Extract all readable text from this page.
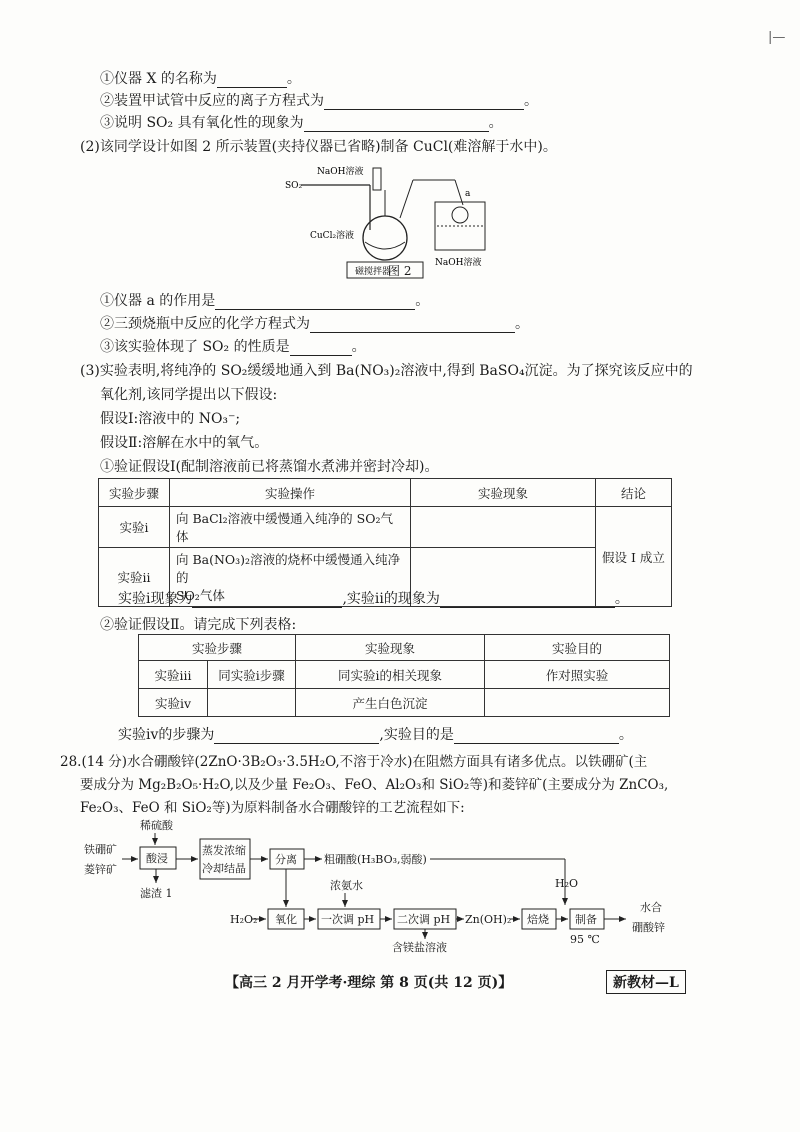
|—
①仪器 X 的名称为	。
②装置甲试管中反应的离子方程式为	。
③说明 SO₂ 具有氧化性的现象为	。
(2)该同学设计如图 2 所示装置(夹持仪器已省略)制备 CuCl(难溶解于水中)。
SO₂
NaOH溶液
CuCl₂溶液
磁搅拌器
a
NaOH溶液
图 2
①仪器 a 的作用是	。
②三颈烧瓶中反应的化学方程式为	。
③该实验体现了 SO₂ 的性质是	。
(3)实验表明,将纯净的 SO₂缓缓地通入到 Ba(NO₃)₂溶液中,得到 BaSO₄沉淀。为了探究该反应中的
氧化剂,该同学提出以下假设:
假设Ⅰ:溶液中的 NO₃⁻;
假设Ⅱ:溶解在水中的氧气。
①验证假设Ⅰ(配制溶液前已将蒸馏水煮沸并密封冷却)。
实验步骤	实验操作	实验现象	结论
实验ⅰ	向 BaCl₂溶液中缓慢通入纯净的 SO₂气体		假设 Ⅰ 成立
实验ⅱ	向 Ba(NO₃)₂溶液的烧杯中缓慢通入纯净的
SO₂气体		

实验ⅰ现象为	,实验ⅱ的现象为	。
②验证假设Ⅱ。请完成下列表格:
实验步骤		实验现象	实验目的
实验ⅲ	同实验ⅰ步骤	同实验ⅰ的相关现象	作对照实验
实验ⅳ		产生白色沉淀	
实验ⅳ的步骤为	,实验目的是	。
28.(14 分)水合硼酸锌(2ZnO·3B₂O₃·3.5H₂O,不溶于冷水)在阻燃方面具有诸多优点。以铁硼矿(主
要成分为 Mg₂B₂O₅·H₂O,以及少量 Fe₂O₃、FeO、Al₂O₃和 SiO₂等)和菱锌矿(主要成分为 ZnCO₃,
Fe₂O₃、FeO 和 SiO₂等)为原料制备水合硼酸锌的工艺流程如下:
稀硫酸
铁硼矿
菱锌矿
酸浸
滤渣 1
蒸发浓缩
冷却结晶
分离 粗硼酸(H₃BO₃,弱酸)
H₂O
浓氨水
H₂O₂ 氧化 一次调 pH 二次调 pH
含镁盐溶液
Zn(OH)₂ 焙烧 制备
95 ℃
水合
硼酸锌
【高三 2 月开学考·理综 第 8 页(共 12 页)】	新教材—L
